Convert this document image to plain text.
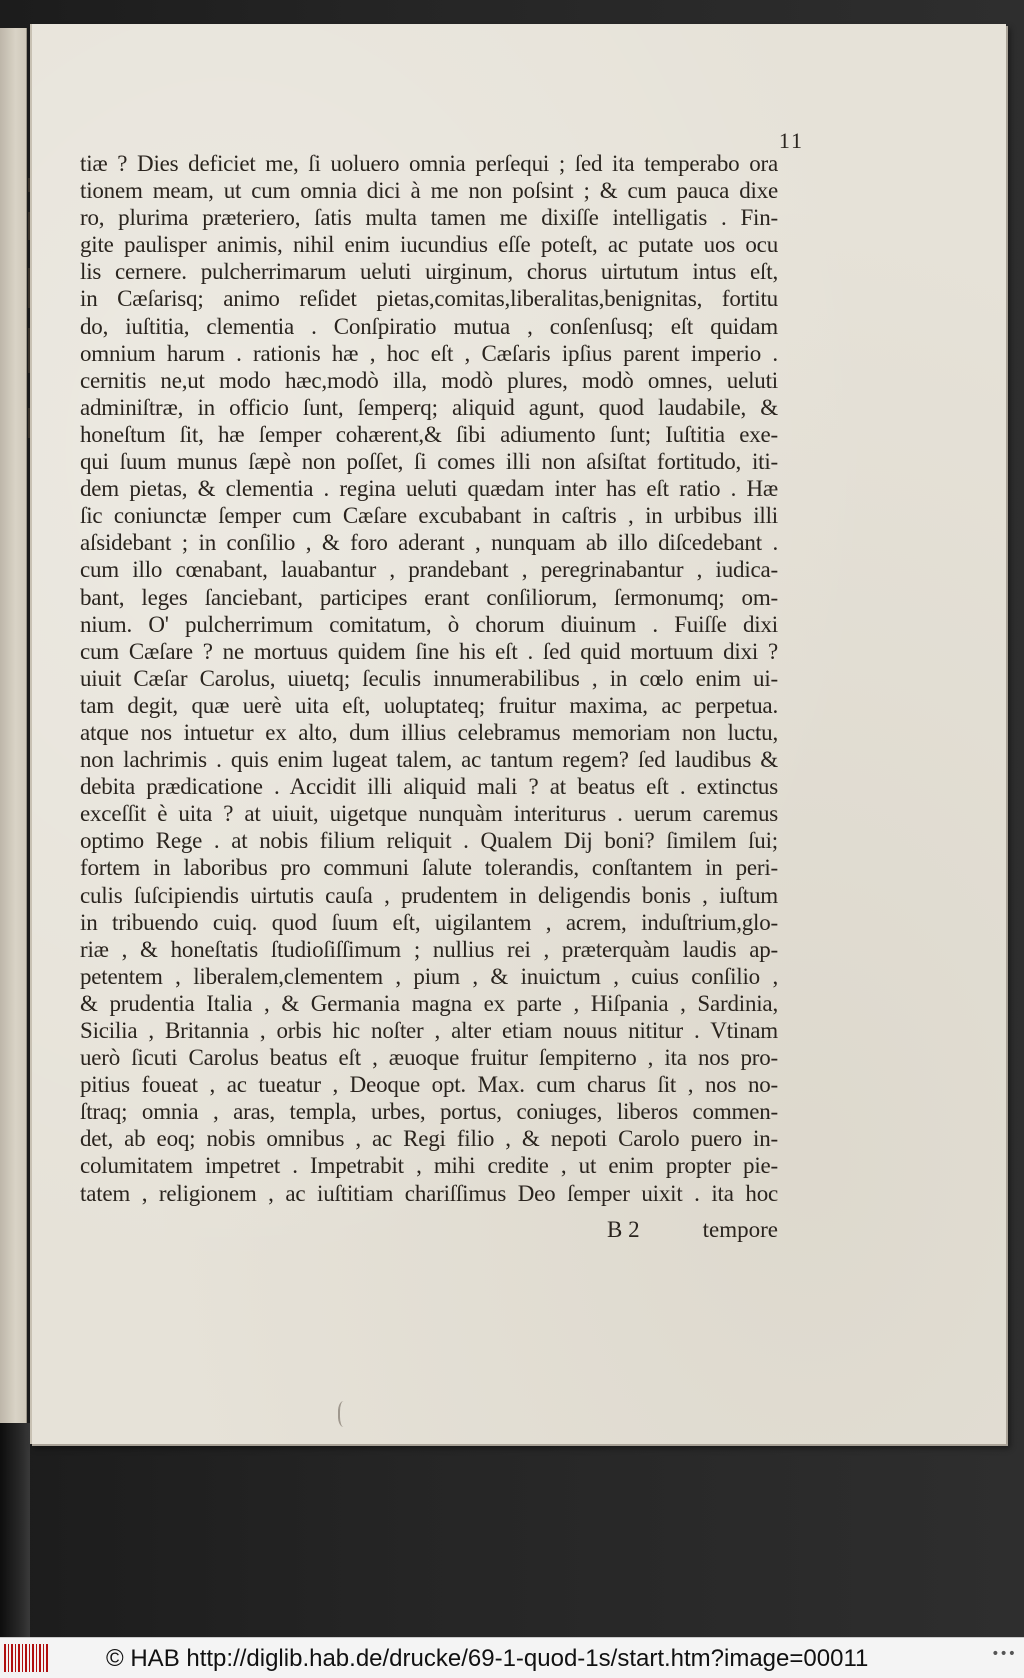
11
tiæ ? Dies deficiet me, ſi uoluero omnia perſequi ; ſed ita temperabo ora
tionem meam, ut cum omnia dici à me non poſsint ; & cum pauca dixe
ro, plurima præteriero, ſatis multa tamen me dixiſſe intelligatis . Fin-
gite paulisper animis, nihil enim iucundius eſſe poteſt, ac putate uos ocu
lis cernere. pulcherrimarum ueluti uirginum, chorus uirtutum intus eſt,
in Cæſarisq; animo reſidet pietas,comitas,liberalitas,benignitas, fortitu
do, iuſtitia, clementia . Conſpiratio mutua , conſenſusq; eſt quidam
omnium harum . rationis hæ , hoc eſt , Cæſaris ipſius parent imperio .
cernitis ne,ut modo hæc,modò illa, modò plures, modò omnes, ueluti
adminiſtræ, in officio ſunt, ſemperq; aliquid agunt, quod laudabile, &
honeſtum ſit, hæ ſemper cohærent,& ſibi adiumento ſunt; Iuſtitia exe-
qui ſuum munus ſæpè non poſſet, ſi comes illi non aſsiſtat fortitudo, iti-
dem pietas, & clementia . regina ueluti quædam inter has eſt ratio . Hæ
ſic coniunctæ ſemper cum Cæſare excubabant in caſtris , in urbibus illi
aſsidebant ; in conſilio , & foro aderant , nunquam ab illo diſcedebant .
cum illo cœnabant, lauabantur , prandebant , peregrinabantur , iudica-
bant, leges ſanciebant, participes erant conſiliorum, ſermonumq; om-
nium. O' pulcherrimum comitatum, ò chorum diuinum . Fuiſſe dixi
cum Cæſare ? ne mortuus quidem ſine his eſt . ſed quid mortuum dixi ?
uiuit Cæſar Carolus, uiuetq; ſeculis innumerabilibus , in cœlo enim ui-
tam degit, quæ uerè uita eſt, uoluptateq; fruitur maxima, ac perpetua.
atque nos intuetur ex alto, dum illius celebramus memoriam non luctu,
non lachrimis . quis enim lugeat talem, ac tantum regem? ſed laudibus &
debita prædicatione . Accidit illi aliquid mali ? at beatus eſt . extinctus
exceſſit è uita ? at uiuit, uigetque nunquàm interiturus . uerum caremus
optimo Rege . at nobis filium reliquit . Qualem Dij boni? ſimilem ſui;
fortem in laboribus pro communi ſalute tolerandis, conſtantem in peri-
culis ſuſcipiendis uirtutis cauſa , prudentem in deligendis bonis , iuſtum
in tribuendo cuiq. quod ſuum eſt, uigilantem , acrem, induſtrium,glo-
riæ , & honeſtatis ſtudioſiſſimum ; nullius rei , præterquàm laudis ap-
petentem , liberalem,clementem , pium , & inuictum , cuius conſilio ,
& prudentia Italia , & Germania magna ex parte , Hiſpania , Sardinia,
Sicilia , Britannia , orbis hic noſter , alter etiam nouus nititur . Vtinam
uerò ſicuti Carolus beatus eſt , æuoque fruitur ſempiterno , ita nos pro-
pitius foueat , ac tueatur , Deoque opt. Max. cum charus ſit , nos no-
ſtraq; omnia , aras, templa, urbes, portus, coniuges, liberos commen-
det, ab eoq; nobis omnibus , ac Regi filio , & nepoti Carolo puero in-
columitatem impetret . Impetrabit , mihi credite , ut enim propter pie-
tatem , religionem , ac iuſtitiam chariſſimus Deo ſemper uixit . ita hoc
B 2	tempore
© HAB http://diglib.hab.de/drucke/69-1-quod-1s/start.htm?image=00011	•••
